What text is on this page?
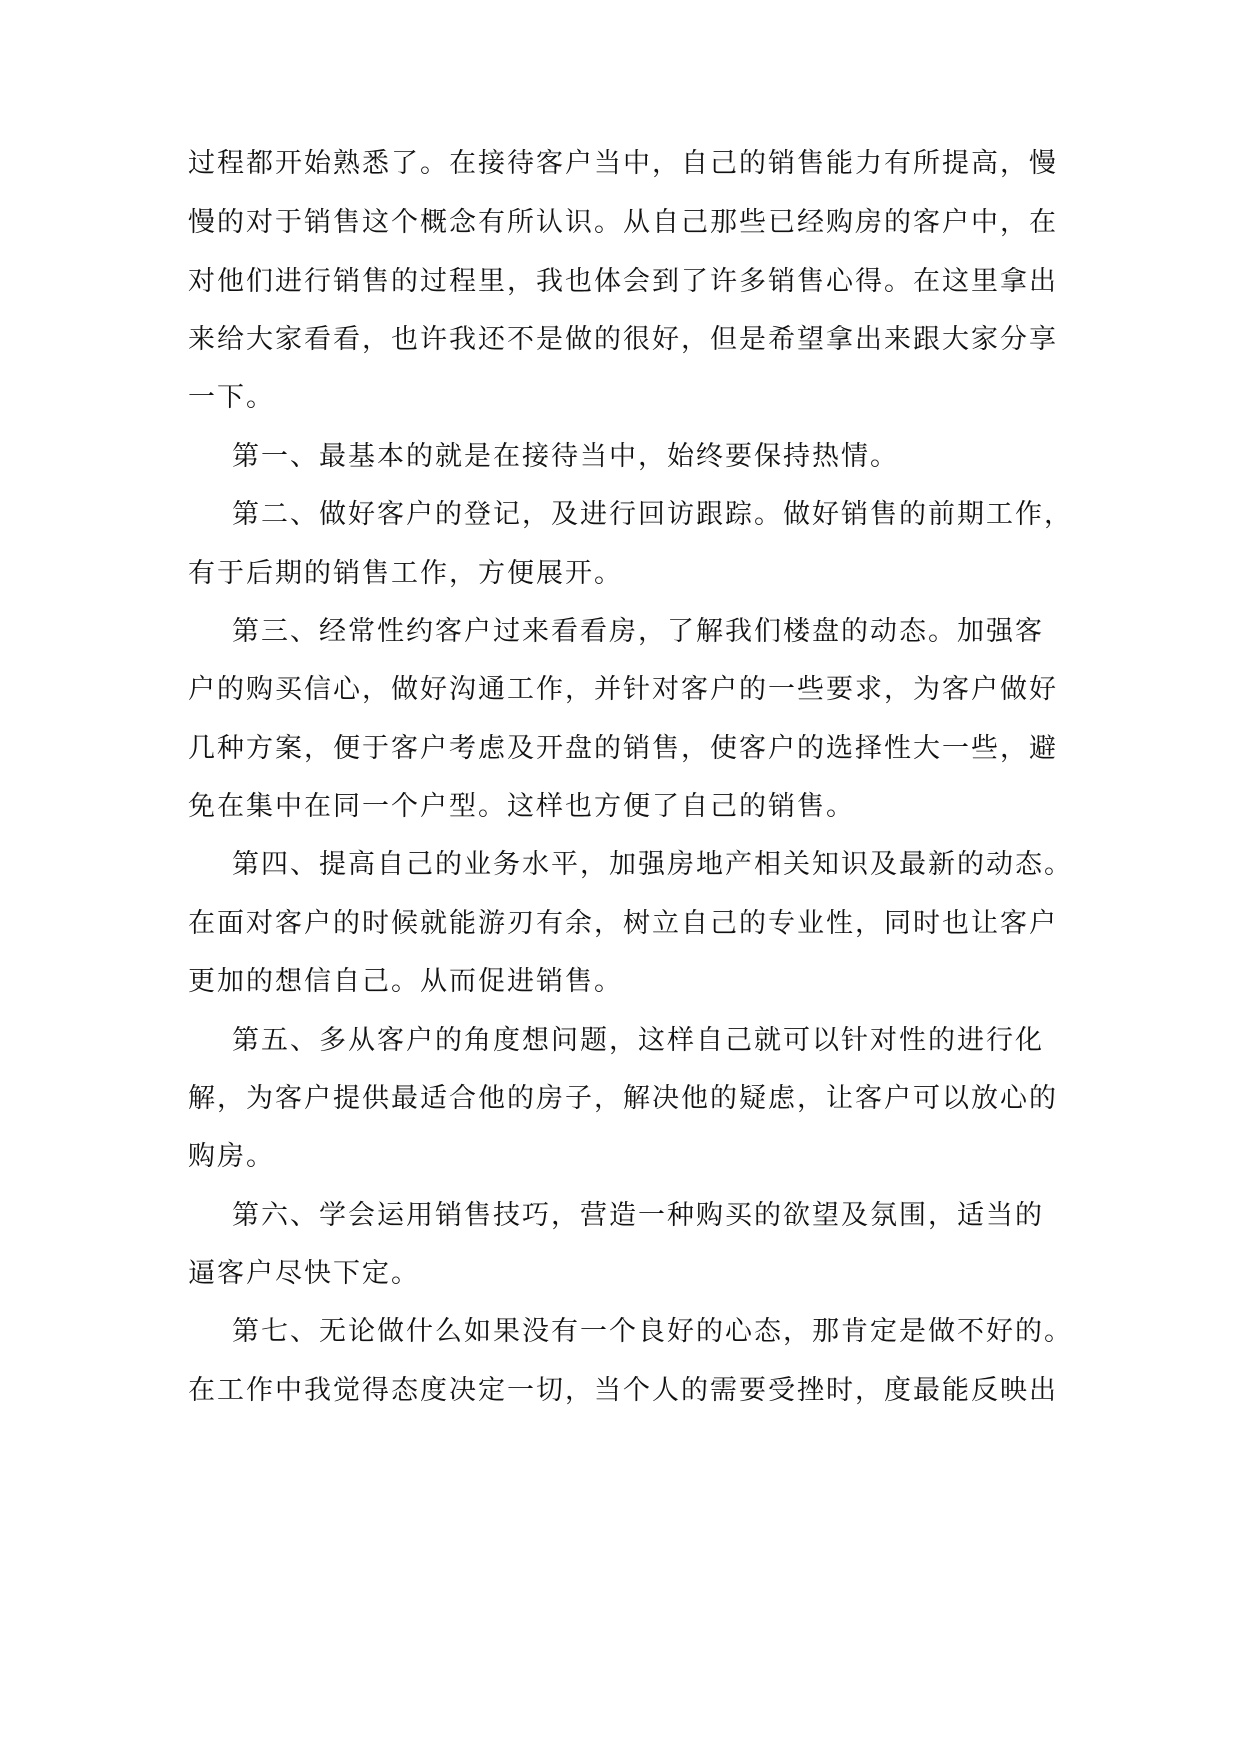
过程都开始熟悉了。在接待客户当中，自己的销售能力有所提高，慢
慢的对于销售这个概念有所认识。从自己那些已经购房的客户中，在
对他们进行销售的过程里，我也体会到了许多销售心得。在这里拿出
来给大家看看，也许我还不是做的很好，但是希望拿出来跟大家分享
一下。
第一、最基本的就是在接待当中，始终要保持热情。
第二、做好客户的登记，及进行回访跟踪。做好销售的前期工作，
有于后期的销售工作，方便展开。
第三、经常性约客户过来看看房，了解我们楼盘的动态。加强客
户的购买信心，做好沟通工作，并针对客户的一些要求，为客户做好
几种方案，便于客户考虑及开盘的销售，使客户的选择性大一些，避
免在集中在同一个户型。这样也方便了自己的销售。
第四、提高自己的业务水平，加强房地产相关知识及最新的动态。
在面对客户的时候就能游刃有余，树立自己的专业性，同时也让客户
更加的想信自己。从而促进销售。
第五、多从客户的角度想问题，这样自己就可以针对性的进行化
解，为客户提供最适合他的房子，解决他的疑虑，让客户可以放心的
购房。
第六、学会运用销售技巧，营造一种购买的欲望及氛围，适当的
逼客户尽快下定。
第七、无论做什么如果没有一个良好的心态，那肯定是做不好的。
在工作中我觉得态度决定一切，当个人的需要受挫时，度最能反映出
